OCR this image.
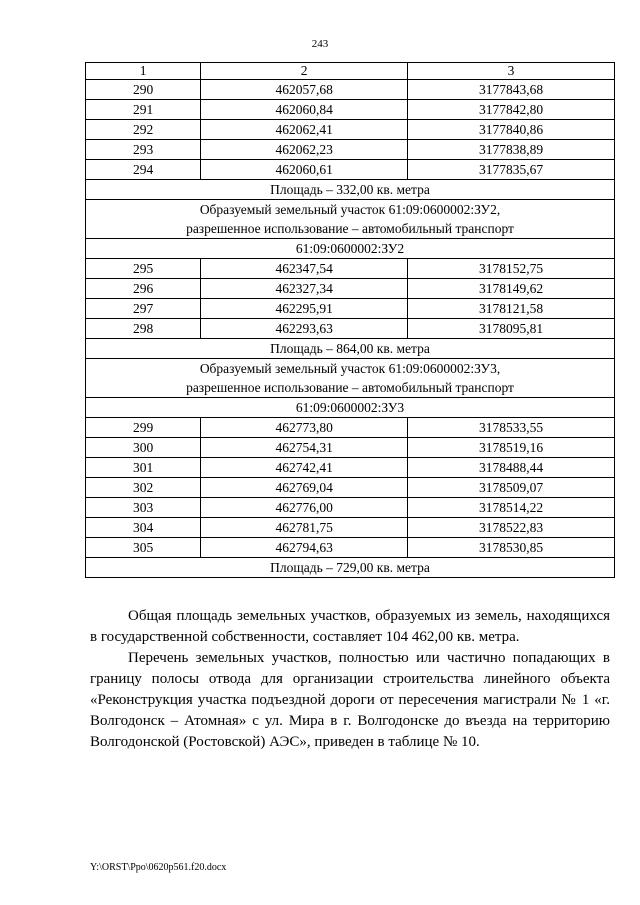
243
1	2	3
290	462057,68	3177843,68
291	462060,84	3177842,80
292	462062,41	3177840,86
293	462062,23	3177838,89
294	462060,61	3177835,67
Площадь – 332,00 кв. метра		

Образуемый земельный участок 61:09:0600002:ЗУ2,
разрешенное использование – автомобильный транспорт		

61:09:0600002:ЗУ2		
295	462347,54	3178152,75
296	462327,34	3178149,62
297	462295,91	3178121,58
298	462293,63	3178095,81
Площадь – 864,00 кв. метра		

Образуемый земельный участок 61:09:0600002:ЗУ3,
разрешенное использование – автомобильный транспорт		

61:09:0600002:ЗУ3		
299	462773,80	3178533,55
300	462754,31	3178519,16
301	462742,41	3178488,44
302	462769,04	3178509,07
303	462776,00	3178514,22
304	462781,75	3178522,83
305	462794,63	3178530,85
Площадь – 729,00 кв. метра		

Общая площадь земельных участков, образуемых из земель, находящихся в государственной собственности, составляет 104 462,00 кв. метра.

Перечень земельных участков, полностью или частично попадающих в границу полосы отвода для организации строительства линейного объекта «Реконструкция участка подъездной дороги от пересечения магистрали № 1 «г. Волгодонск – Атомная» с ул. Мира в г. Волгодонске до въезда на территорию Волгодонской (Ростовской) АЭС», приведен в таблице № 10.

Y:\ORST\Ppo\0620p561.f20.docx
